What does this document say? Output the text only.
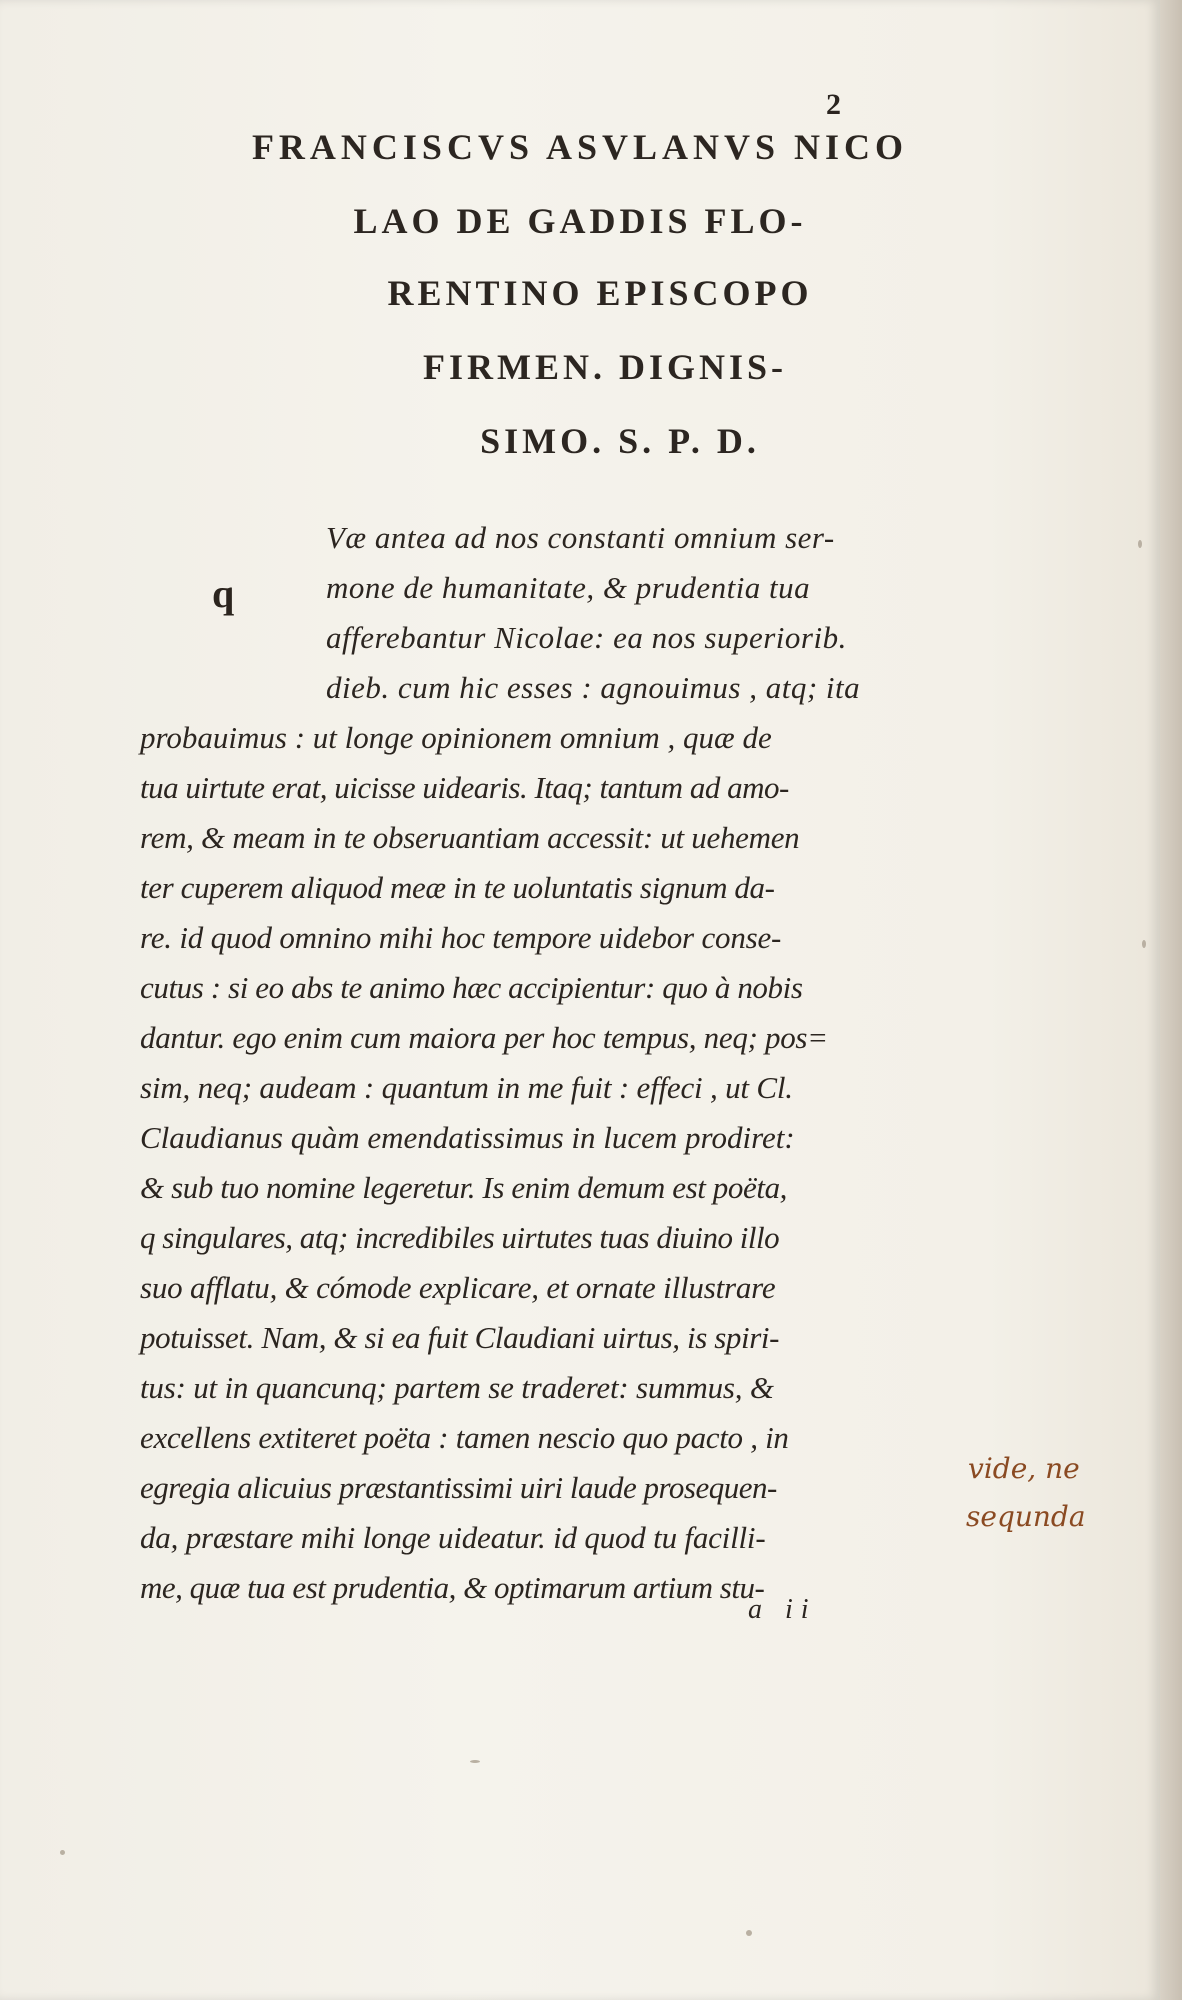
2
FRANCISCVS ASVLANVS NICO
LAO DE GADDIS FLO-
RENTINO EPISCOPO
FIRMEN. DIGNIS-
SIMO. S. P. D.
q
Væ antea ad nos constanti omnium ser-
mone de humanitate, & prudentia tua
afferebantur Nicolae: ea nos superiorib.
dieb. cum hic esses : agnouimus , atq; ita
probauimus : ut longe opinionem omnium , quæ de
tua uirtute erat, uicisse uidearis. Itaq; tantum ad amo-
rem, & meam in te obseruantiam accessit: ut uehemen
ter cuperem aliquod meæ in te uoluntatis signum da-
re. id quod omnino mihi hoc tempore uidebor conse-
cutus : si eo abs te animo hæc accipientur: quo à nobis
dantur. ego enim cum maiora per hoc tempus, neq; pos=
sim, neq; audeam : quantum in me fuit : effeci , ut Cl.
Claudianus quàm emendatissimus in lucem prodiret:
& sub tuo nomine legeretur. Is enim demum est poëta,
q singulares, atq; incredibiles uirtutes tuas diuino illo
suo afflatu, & cómode explicare, et ornate illustrare
potuisset. Nam, & si ea fuit Claudiani uirtus, is spiri-
tus: ut in quancunq; partem se traderet: summus, &
excellens extiteret poëta : tamen nescio quo pacto , in
egregia alicuius præstantissimi uiri laude prosequen-
da, præstare mihi longe uideatur. id quod tu facilli-
me, quæ tua est prudentia, & optimarum artium stu-
vide, ne
sequnda
a ii
